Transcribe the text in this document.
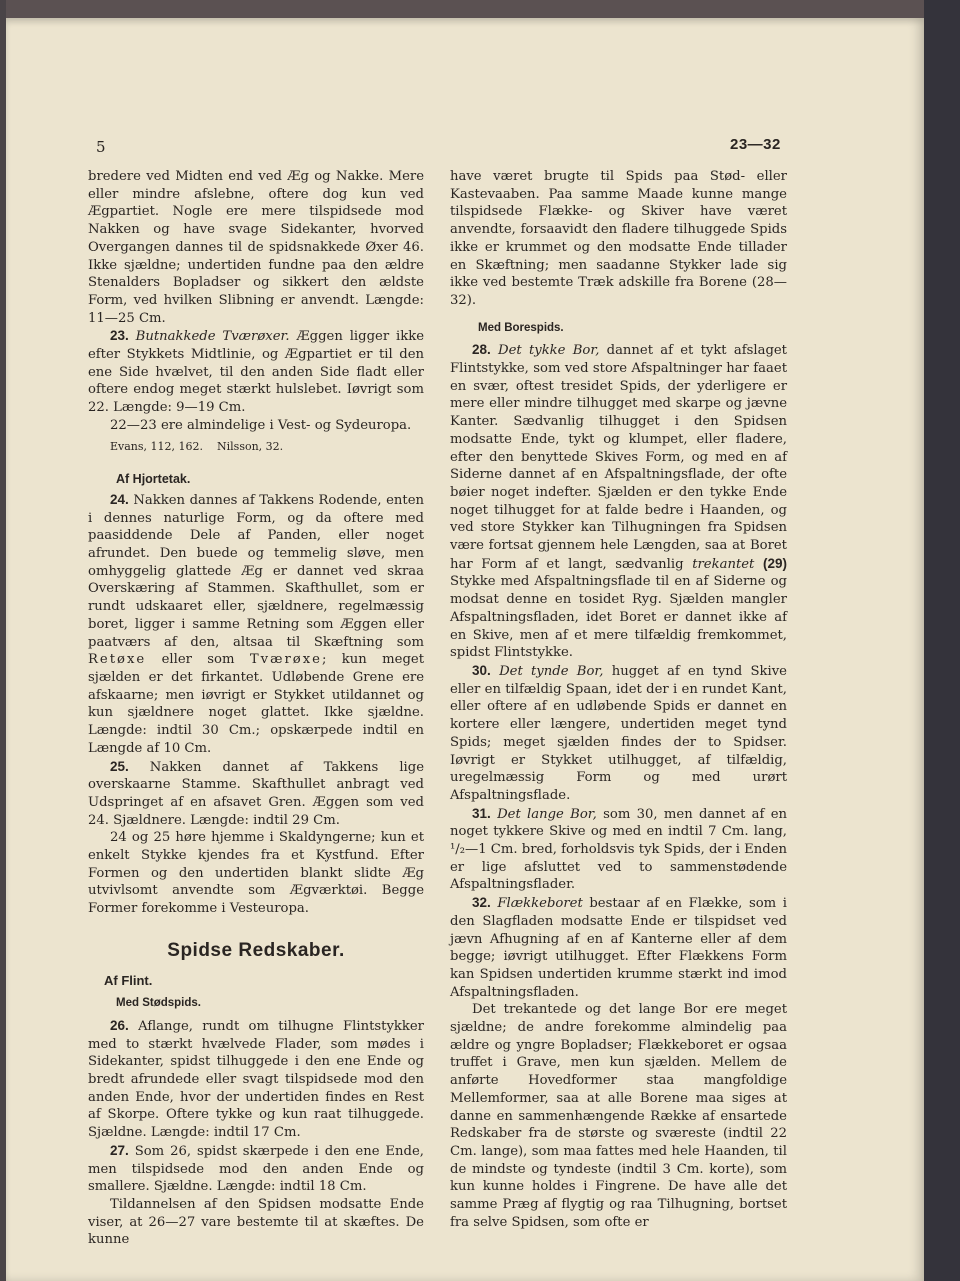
5	23—32

bredere ved Midten end ved Æg og Nakke. Mere eller mindre afslebne, oftere dog kun ved Ægpartiet. Nogle ere mere tilspidsede mod Nakken og have svage Sidekanter, hvorved Overgangen dannes til de spidsnakkede Øxer 46. Ikke sjældne; undertiden fundne paa den ældre Stenalders Bopladser og sikkert den ældste Form, ved hvilken Slibning er anvendt. Længde: 11—25 Cm.

23. Butnakkede Tværøxer. Æggen ligger ikke efter Stykkets Midtlinie, og Ægpartiet er til den ene Side hvælvet, til den anden Side fladt eller oftere endog meget stærkt hulslebet. Iøvrigt som 22. Længde: 9—19 Cm.

22—23 ere almindelige i Vest- og Sydeuropa.

Evans, 112, 162. Nilsson, 32.

Af Hjortetak.

24. Nakken dannes af Takkens Rodende, enten i dennes naturlige Form, og da oftere med paasiddende Dele af Panden, eller noget afrundet. Den buede og temmelig sløve, men omhyggelig glattede Æg er dannet ved skraa Overskæring af Stammen. Skafthullet, som er rundt udskaaret eller, sjældnere, regelmæssig boret, ligger i samme Retning som Æggen eller paatværs af den, altsaa til Skæftning som Retøxe eller som Tværøxe; kun meget sjælden er det firkantet. Udløbende Grene ere afskaarne; men iøvrigt er Stykket utildannet og kun sjældnere noget glattet. Ikke sjældne. Længde: indtil 30 Cm.; opskærpede indtil en Længde af 10 Cm.

25. Nakken dannet af Takkens lige overskaarne Stamme. Skafthullet anbragt ved Udspringet af en afsavet Gren. Æggen som ved 24. Sjældnere. Længde: indtil 29 Cm.

24 og 25 høre hjemme i Skaldyngerne; kun et enkelt Stykke kjendes fra et Kystfund. Efter Formen og den undertiden blankt slidte Æg utvivlsomt anvendte som Ægværktøi. Begge Former forekomme i Vesteuropa.

Spidse Redskaber.

Af Flint.

Med Stødspids.

26. Aflange, rundt om tilhugne Flintstykker med to stærkt hvælvede Flader, som mødes i Sidekanter, spidst tilhuggede i den ene Ende og bredt afrundede eller svagt tilspidsede mod den anden Ende, hvor der undertiden findes en Rest af Skorpe. Oftere tykke og kun raat tilhuggede. Sjældne. Længde: indtil 17 Cm.

27. Som 26, spidst skærpede i den ene Ende, men tilspidsede mod den anden Ende og smallere. Sjældne. Længde: indtil 18 Cm.

Tildannelsen af den Spidsen modsatte Ende viser, at 26—27 vare bestemte til at skæftes. De kunne

have været brugte til Spids paa Stød- eller Kastevaaben. Paa samme Maade kunne mange tilspidsede Flække- og Skiver have været anvendte, forsaavidt den fladere tilhuggede Spids ikke er krummet og den modsatte Ende tillader en Skæftning; men saadanne Stykker lade sig ikke ved bestemte Træk adskille fra Borene (28—32).

Med Borespids.

28. Det tykke Bor, dannet af et tykt afslaget Flintstykke, som ved store Afspaltninger har faaet en svær, oftest tresidet Spids, der yderligere er mere eller mindre tilhugget med skarpe og jævne Kanter. Sædvanlig tilhugget i den Spidsen modsatte Ende, tykt og klumpet, eller fladere, efter den benyttede Skives Form, og med en af Siderne dannet af en Afspaltningsflade, der ofte bøier noget indefter. Sjælden er den tykke Ende noget tilhugget for at falde bedre i Haanden, og ved store Stykker kan Tilhugningen fra Spidsen være fortsat gjennem hele Længden, saa at Boret har Form af et langt, sædvanlig trekantet (29) Stykke med Afspaltningsflade til en af Siderne og modsat denne en tosidet Ryg. Sjælden mangler Afspaltningsfladen, idet Boret er dannet ikke af en Skive, men af et mere tilfældig fremkommet, spidst Flintstykke.

30. Det tynde Bor, hugget af en tynd Skive eller en tilfældig Spaan, idet der i en rundet Kant, eller oftere af en udløbende Spids er dannet en kortere eller længere, undertiden meget tynd Spids; meget sjælden findes der to Spidser. Iøvrigt er Stykket utilhugget, af tilfældig, uregelmæssig Form og med urørt Afspaltningsflade.

31. Det lange Bor, som 30, men dannet af en noget tykkere Skive og med en indtil 7 Cm. lang, ¹/₂—1 Cm. bred, forholdsvis tyk Spids, der i Enden er lige afsluttet ved to sammenstødende Afspaltningsflader.

32. Flækkeboret bestaar af en Flække, som i den Slagfladen modsatte Ende er tilspidset ved jævn Afhugning af en af Kanterne eller af dem begge; iøvrigt utilhugget. Efter Flækkens Form kan Spidsen undertiden krumme stærkt ind imod Afspaltningsfladen.

Det trekantede og det lange Bor ere meget sjældne; de andre forekomme almindelig paa ældre og yngre Bopladser; Flækkeboret er ogsaa truffet i Grave, men kun sjælden. Mellem de anførte Hovedformer staa mangfoldige Mellemformer, saa at alle Borene maa siges at danne en sammenhængende Række af ensartede Redskaber fra de største og sværeste (indtil 22 Cm. lange), som maa fattes med hele Haanden, til de mindste og tyndeste (indtil 3 Cm. korte), som kun kunne holdes i Fingrene. De have alle det samme Præg af flygtig og raa Tilhugning, bortset fra selve Spidsen, som ofte er
